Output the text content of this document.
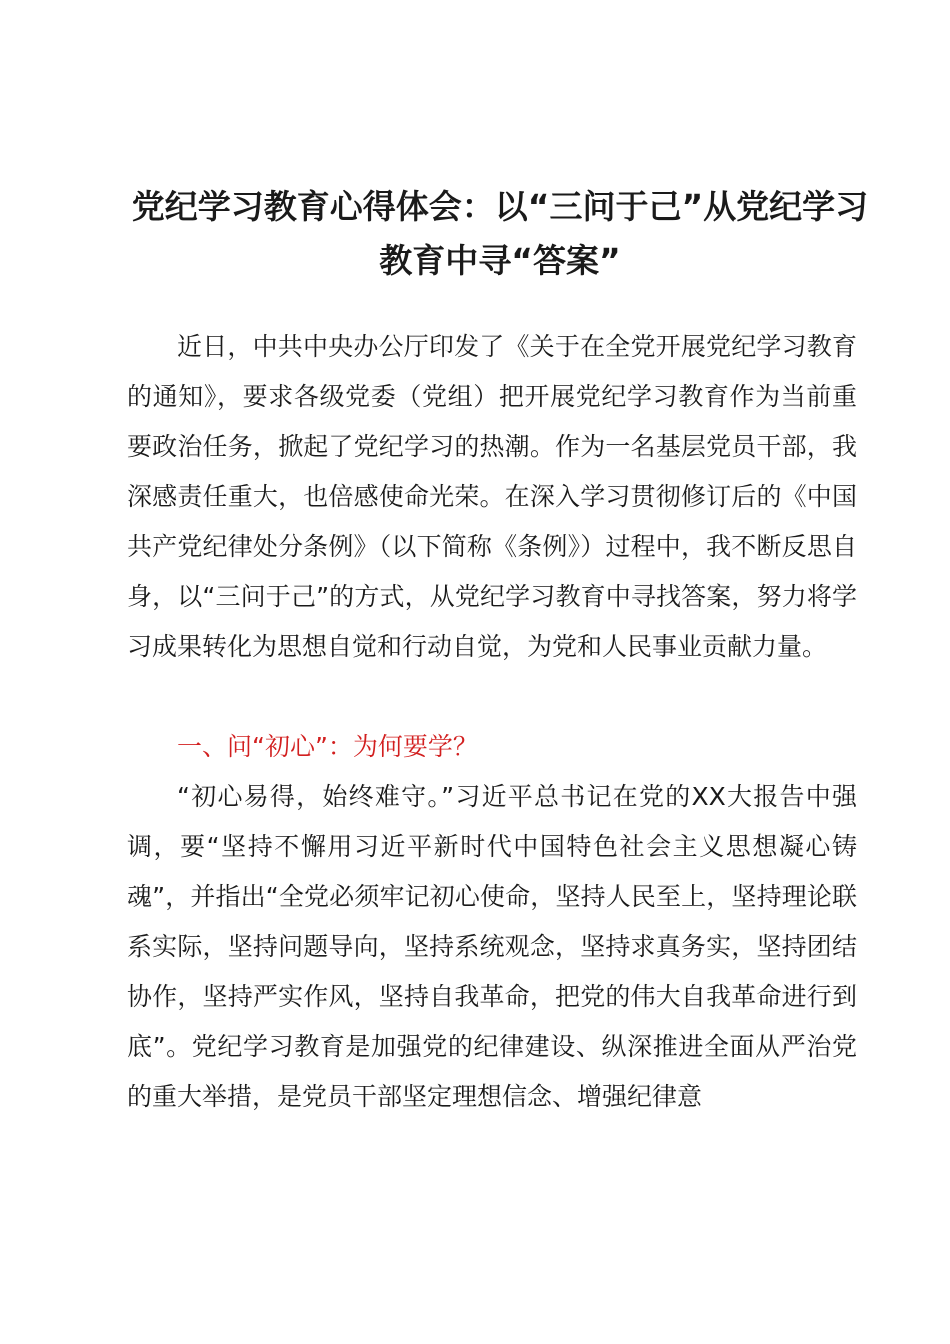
党纪学习教育心得体会：以“三问于己”从党纪学习教育中寻“答案”

近日，中共中央办公厅印发了《关于在全党开展党纪学习教育的通知》，要求各级党委（党组）把开展党纪学习教育作为当前重要政治任务，掀起了党纪学习的热潮。作为一名基层党员干部，我深感责任重大，也倍感使命光荣。在深入学习贯彻修订后的《中国共产党纪律处分条例》（以下简称《条例》）过程中，我不断反思自身，以“三问于己”的方式，从党纪学习教育中寻找答案，努力将学习成果转化为思想自觉和行动自觉，为党和人民事业贡献力量。

一、问“初心”：为何要学？

“初心易得，始终难守。”习近平总书记在党的XX大报告中强调，要“坚持不懈用习近平新时代中国特色社会主义思想凝心铸魂”，并指出“全党必须牢记初心使命，坚持人民至上，坚持理论联系实际，坚持问题导向，坚持系统观念，坚持求真务实，坚持团结协作，坚持严实作风，坚持自我革命，把党的伟大自我革命进行到底”。党纪学习教育是加强党的纪律建设、纵深推进全面从严治党的重大举措，是党员干部坚定理想信念、增强纪律意
